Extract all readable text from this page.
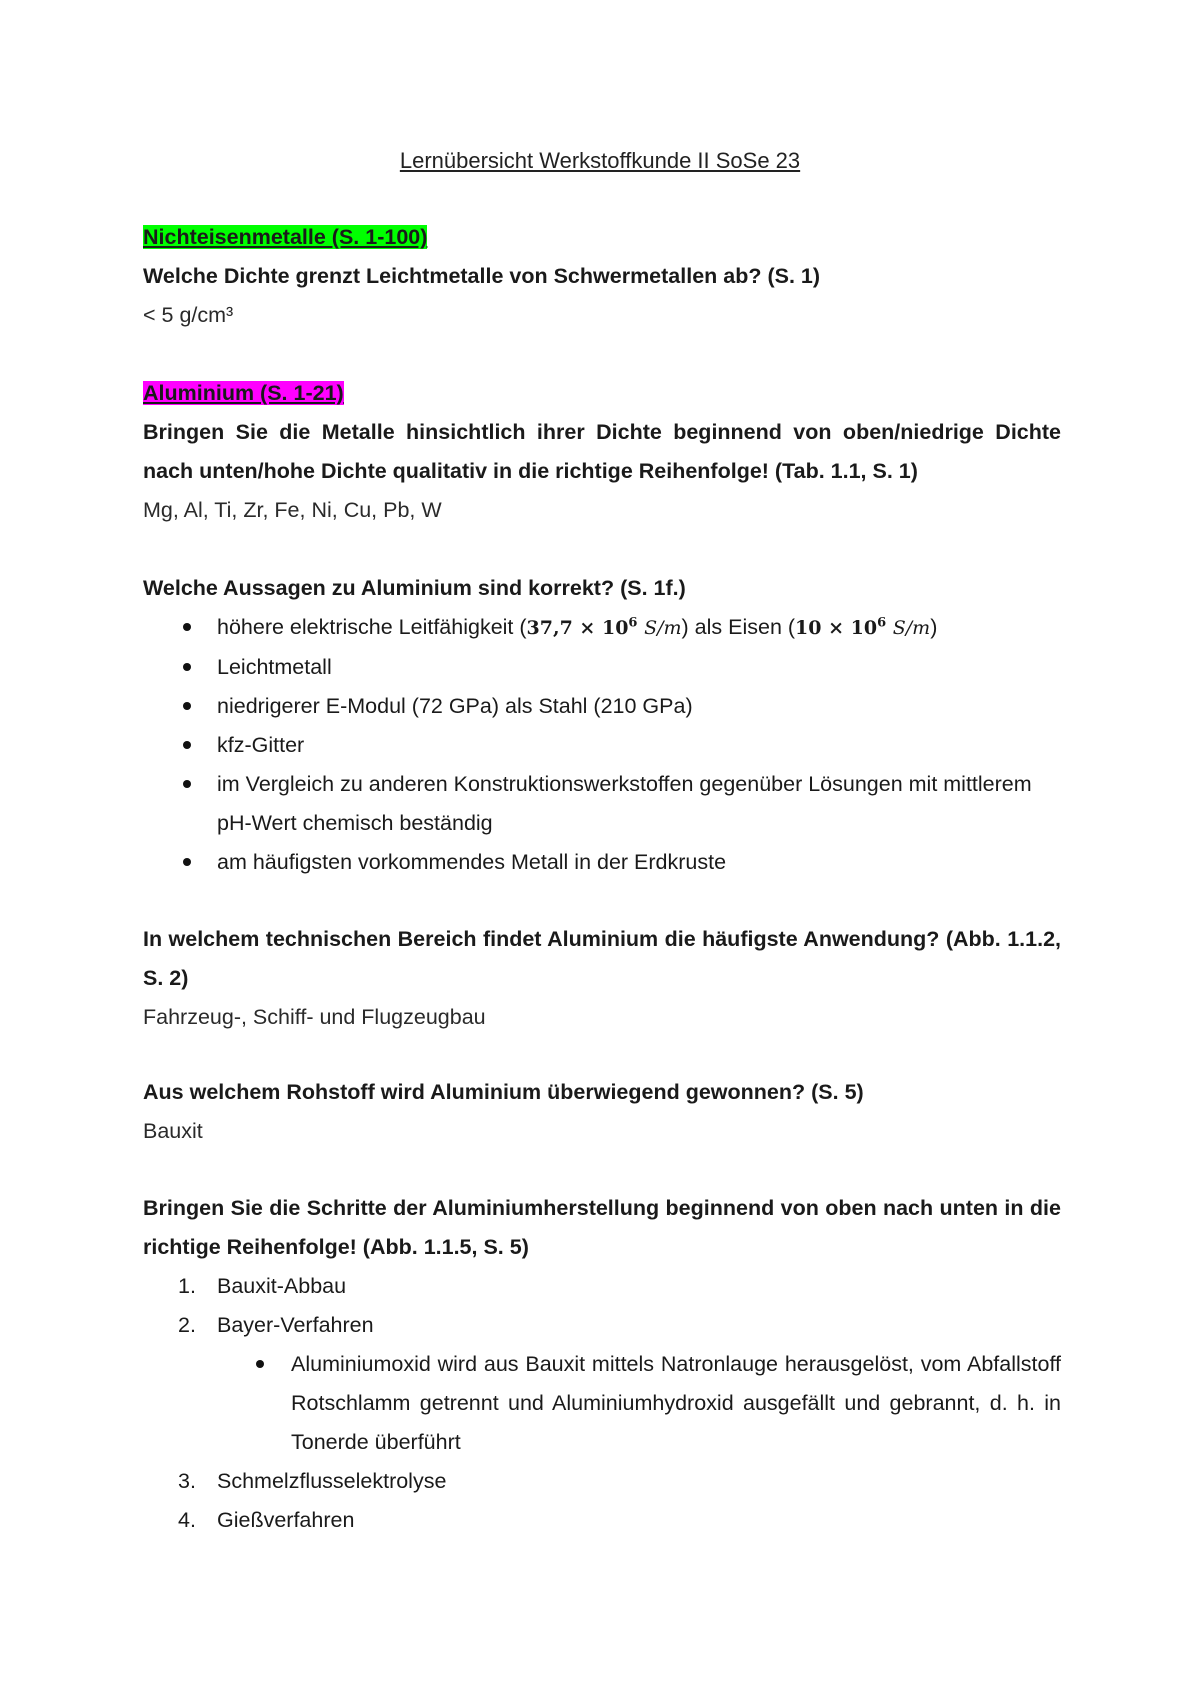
Lernübersicht Werkstoffkunde II SoSe 23
Nichteisenmetalle (S. 1-100)
Welche Dichte grenzt Leichtmetalle von Schwermetallen ab? (S. 1)
< 5 g/cm³
Aluminium (S. 1-21)
Bringen Sie die Metalle hinsichtlich ihrer Dichte beginnend von oben/niedrige Dichte nach unten/hohe Dichte qualitativ in die richtige Reihenfolge! (Tab. 1.1, S. 1)
Mg, Al, Ti, Zr, Fe, Ni, Cu, Pb, W
Welche Aussagen zu Aluminium sind korrekt? (S. 1f.)
höhere elektrische Leitfähigkeit ($37,7 \times 10^6$ S/m) als Eisen ($10 \times 10^6$ S/m)
Leichtmetall
niedrigerer E-Modul (72 GPa) als Stahl (210 GPa)
kfz-Gitter
im Vergleich zu anderen Konstruktionswerkstoffen gegenüber Lösungen mit mittlerem pH-Wert chemisch beständig
am häufigsten vorkommendes Metall in der Erdkruste
In welchem technischen Bereich findet Aluminium die häufigste Anwendung? (Abb. 1.1.2, S. 2)
Fahrzeug-, Schiff- und Flugzeugbau
Aus welchem Rohstoff wird Aluminium überwiegend gewonnen? (S. 5)
Bauxit
Bringen Sie die Schritte der Aluminiumherstellung beginnend von oben nach unten in die richtige Reihenfolge! (Abb. 1.1.5, S. 5)
1. Bauxit-Abbau
2. Bayer-Verfahren
Aluminiumoxid wird aus Bauxit mittels Natronlauge herausgelöst, vom Abfallstoff Rotschlamm getrennt und Aluminiumhydroxid ausgefällt und gebrannt, d. h. in Tonerde überführt
3. Schmelzflusselektrolyse
4. Gießverfahren
